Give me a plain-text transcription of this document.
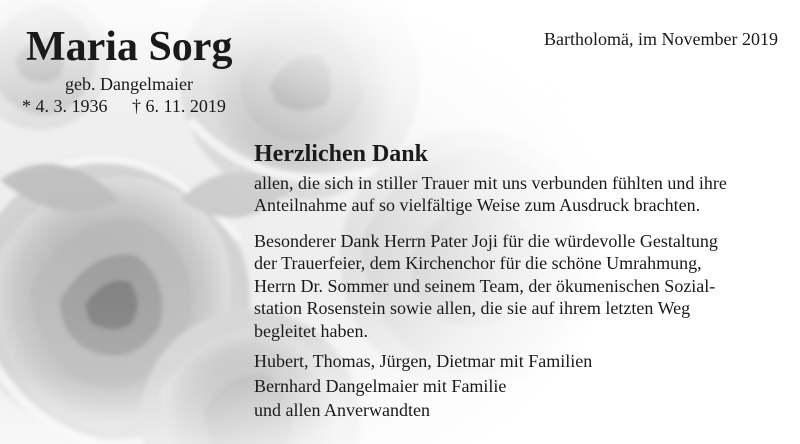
Maria Sorg
geb. Dangelmaier
* 4. 3. 1936 † 6. 11. 2019
Bartholomä, im November 2019
Herzlichen Dank
allen, die sich in stiller Trauer mit uns verbunden fühlten und ihre
Anteilnahme auf so vielfältige Weise zum Ausdruck brachten.
Besonderer Dank Herrn Pater Joji für die würdevolle Gestaltung
der Trauerfeier, dem Kirchenchor für die schöne Umrahmung,
Herrn Dr. Sommer und seinem Team, der ökumenischen Sozial-
station Rosenstein sowie allen, die sie auf ihrem letzten Weg
begleitet haben.
Hubert, Thomas, Jürgen, Dietmar mit Familien
Bernhard Dangelmaier mit Familie
und allen Anverwandten
